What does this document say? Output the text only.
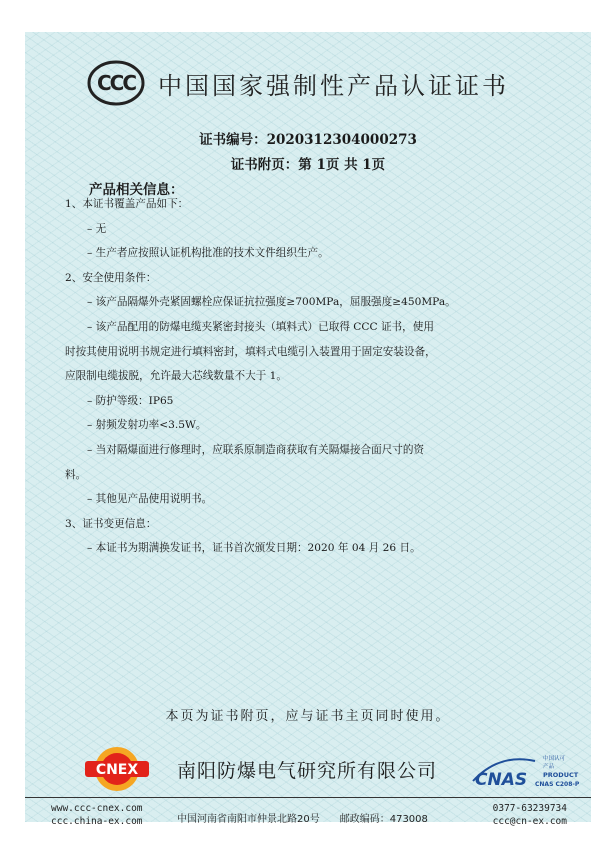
CCC 中国国家强制性产品认证证书
证书编号：2020312304000273
证书附页：第 1页 共 1页
产品相关信息：
1、本证书覆盖产品如下：
– 无
– 生产者应按照认证机构批准的技术文件组织生产。
2、安全使用条件：
– 该产品隔爆外壳紧固螺栓应保证抗拉强度≥700MPa，屈服强度≥450MPa。
– 该产品配用的防爆电缆夹紧密封接头（填料式）已取得 CCC 证书，使用
时按其使用说明书规定进行填料密封，填料式电缆引入装置用于固定安装设备，
应限制电缆拔脱，允许最大芯线数量不大于 1。
– 防护等级：IP65
– 射频发射功率<3.5W。
– 当对隔爆面进行修理时，应联系原制造商获取有关隔爆接合面尺寸的资
料。
– 其他见产品使用说明书。
3、证书变更信息：
– 本证书为期满换发证书，证书首次颁发日期：2020 年 04 月 26 日。
本页为证书附页，应与证书主页同时使用。
CNEX 南阳防爆电气研究所有限公司 CNAS
中国认可
产品
PRODUCT
CNAS C208-P
www.ccc-cnex.com
ccc.china-ex.com	中国河南省南阳市仲景北路20号　　邮政编码：473008
0377-63239734
ccc@cn-ex.com
